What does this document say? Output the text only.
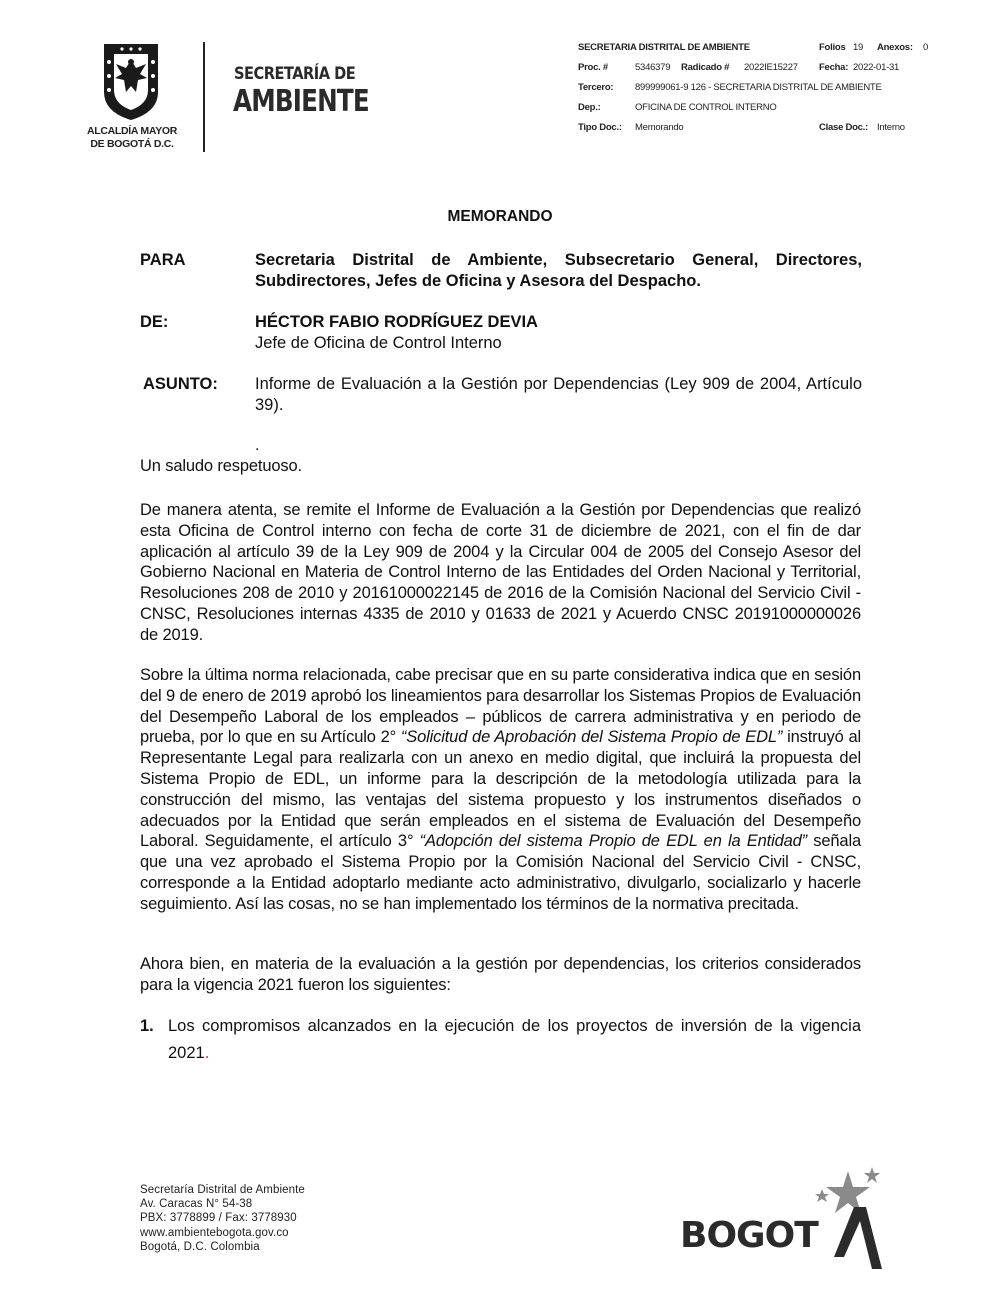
ALCALDÍA MAYOR
DE BOGOTÁ D.C.
SECRETARÍA DE
AMBIENTE
SECRETARIA DISTRITAL DE AMBIENTE	Folios 19 Anexos: 0
Proc. #	5346379 Radicado # 2022IE15227 Fecha: 2022-01-31
Tercero: 899999061-9 126 - SECRETARIA DISTRITAL DE AMBIENTE
Dep.:	OFICINA DE CONTROL INTERNO
Tipo Doc.: Memorando	Clase Doc.: Interno
MEMORANDO
PARA	Secretaria Distrital de Ambiente, Subsecretario General, Directores, Subdirectores, Jefes de Oficina y Asesora del Despacho.
DE:	HÉCTOR FABIO RODRÍGUEZ DEVIA
Jefe de Oficina de Control Interno
ASUNTO: Informe de Evaluación a la Gestión por Dependencias (Ley 909 de 2004, Artículo 39).
.
Un saludo respetuoso.
De manera atenta, se remite el Informe de Evaluación a la Gestión por Dependencias que realizó esta Oficina de Control interno con fecha de corte 31 de diciembre de 2021, con el fin de dar aplicación al artículo 39 de la Ley 909 de 2004 y la Circular 004 de 2005 del Consejo Asesor del Gobierno Nacional en Materia de Control Interno de las Entidades del Orden Nacional y Territorial, Resoluciones 208 de 2010 y 20161000022145 de 2016 de la Comisión Nacional del Servicio Civil - CNSC, Resoluciones internas 4335 de 2010 y 01633 de 2021 y Acuerdo CNSC 20191000000026 de 2019.
Sobre la última norma relacionada, cabe precisar que en su parte considerativa indica que en sesión del 9 de enero de 2019 aprobó los lineamientos para desarrollar los Sistemas Propios de Evaluación del Desempeño Laboral de los empleados – públicos de carrera administrativa y en periodo de prueba, por lo que en su Artículo 2° “Solicitud de Aprobación del Sistema Propio de EDL” instruyó al Representante Legal para realizarla con un anexo en medio digital, que incluirá la propuesta del Sistema Propio de EDL, un informe para la descripción de la metodología utilizada para la construcción del mismo, las ventajas del sistema propuesto y los instrumentos diseñados o adecuados por la Entidad que serán empleados en el sistema de Evaluación del Desempeño Laboral. Seguidamente, el artículo 3° “Adopción del sistema Propio de EDL en la Entidad” señala que una vez aprobado el Sistema Propio por la Comisión Nacional del Servicio Civil - CNSC, corresponde a la Entidad adoptarlo mediante acto administrativo, divulgarlo, socializarlo y hacerle seguimiento. Así las cosas, no se han implementado los términos de la normativa precitada.
Ahora bien, en materia de la evaluación a la gestión por dependencias, los criterios considerados para la vigencia 2021 fueron los siguientes:
1. Los compromisos alcanzados en la ejecución de los proyectos de inversión de la vigencia 2021.
Secretaría Distrital de Ambiente
Av. Caracas N° 54-38
PBX: 3778899 / Fax: 3778930
www.ambientebogota.gov.co
Bogotá, D.C. Colombia	BOGOT
